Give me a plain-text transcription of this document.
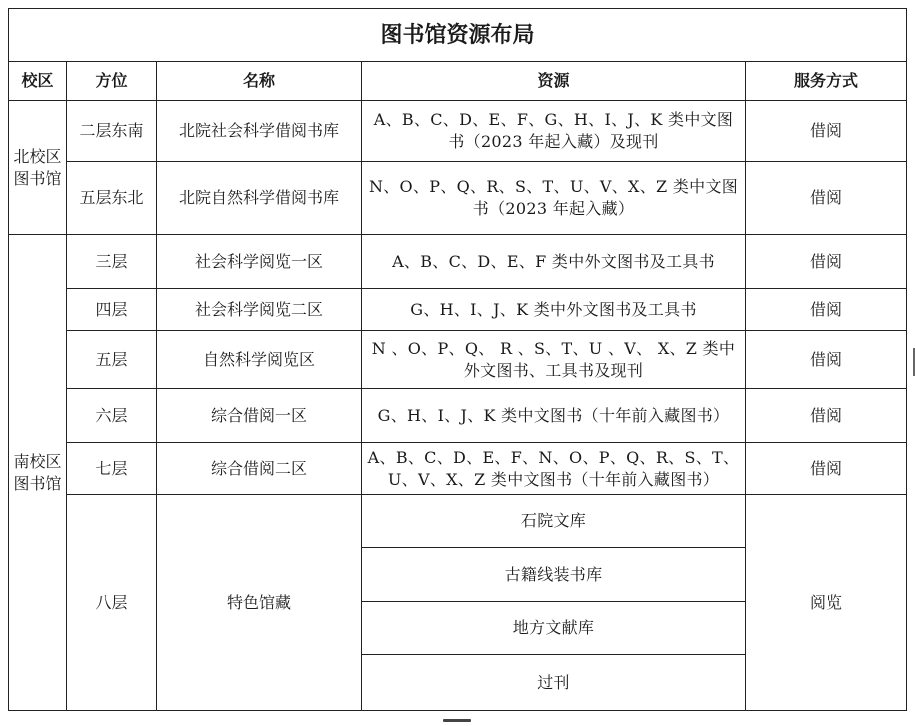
图书馆资源布局				
校区	方位	名称	资源	服务方式
北校区图书馆	二层东南	北院社会科学借阅书库	A、B、C、D、E、F、G、H、I、J、K 类中文图书（2023 年起入藏）及现刊	借阅
	五层东北	北院自然科学借阅书库	N、O、P、Q、R、S、T、U、V、X、Z 类中文图书（2023 年起入藏）	借阅
南校区图书馆	三层	社会科学阅览一区	A、B、C、D、E、F 类中外文图书及工具书	借阅
	四层	社会科学阅览二区	G、H、I、J、K 类中外文图书及工具书	借阅
	五层	自然科学阅览区	N 、O、P、Q、 R 、S、T、U 、V、 X、Z 类中外文图书、工具书及现刊	借阅
	六层	综合借阅一区	G、H、I、J、K 类中文图书（十年前入藏图书）	借阅
	七层	综合借阅二区	A、B、C、D、E、F、N、O、P、Q、R、S、T、U、V、X、Z 类中文图书（十年前入藏图书）	借阅
	八层	特色馆藏	石院文库	阅览
			古籍线装书库	
			地方文献库	
			过刊	
